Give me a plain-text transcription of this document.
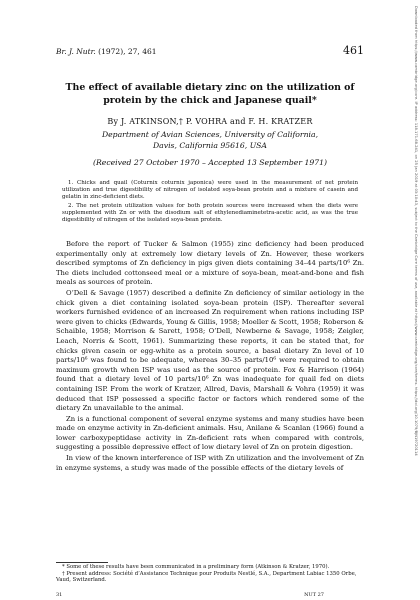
Br. J. Nutr. (1972), 27, 461	461
The effect of available dietary zinc on the utilization of
protein by the chick and Japanese quail*
By J. ATKINSON,† P. VOHRA and F. H. KRATZER
Department of Avian Sciences, University of California,
Davis, California 95616, USA
(Received 27 October 1970 – Accepted 13 September 1971)

1. Chicks and quail (Coturnix coturnix japonica) were used in the measurement of net protein utilization and true digestibility of nitrogen of isolated soya-bean protein and a mixture of casein and gelatin in zinc-deficient diets.

2. The net protein utilization values for both protein sources were increased when the diets were supplemented with Zn or with the disodium salt of ethylenediaminetetra-acetic acid, as was the true digestibility of nitrogen of the isolated soya-bean protein.

Before the report of Tucker & Salmon (1955) zinc deficiency had been produced experimentally only at extremely low dietary levels of Zn. However, these workers described symptoms of Zn deficiency in pigs given diets containing 34–44 parts/10⁶ Zn. The diets included cottonseed meal or a mixture of soya-bean, meat-and-bone and fish meals as sources of protein.

O’Dell & Savage (1957) described a definite Zn deficiency of similar aetiology in the chick given a diet containing isolated soya-bean protein (ISP). Thereafter several workers furnished evidence of an increased Zn requirement when rations including ISP were given to chicks (Edwards, Young & Gillis, 1958; Moeller & Scott, 1958; Roberson & Schaible, 1958; Morrison & Sarett, 1958; O’Dell, Newberne & Savage, 1958; Zeigler, Leach, Norris & Scott, 1961). Summarizing these reports, it can be stated that, for chicks given casein or egg-white as a protein source, a basal dietary Zn level of 10 parts/10⁶ was found to be adequate, whereas 30–35 parts/10⁶ were required to obtain maximum growth when ISP was used as the source of protein. Fox & Harrison (1964) found that a dietary level of 10 parts/10⁶ Zn was inadequate for quail fed on diets containing ISP. From the work of Kratzer, Allred, Davis, Marshall & Vohra (1959) it was deduced that ISP possessed a specific factor or factors which rendered some of the dietary Zn unavailable to the animal.

Zn is a functional component of several enzyme systems and many studies have been made on enzyme activity in Zn-deficient animals. Hsu, Anilane & Scanlan (1966) found a lower carboxypeptidase activity in Zn-deficient rats when compared with controls, suggesting a possible depressive effect of low dietary level of Zn on protein digestion.

In view of the known interference of ISP with Zn utilization and the involvement of Zn in enzyme systems, a study was made of the possible effects of the dietary levels of

* Some of these results have been communicated in a preliminary form (Atkinson & Kratzer, 1970).

† Present address: Société d’Assistance Technique pour Produits Nestlé, S.A., Department Labiac 1350 Orbe, Vaud, Switzerland.

31	NUT 27
Downloaded from https://www.cambridge.org/core. IP address: 118.171.68.241, on 25 Jan 2019 at 03:10:43, subject to the Cambridge Core terms of use, available at https://www.cambridge.org/core/terms. https://doi.org/10.1079/BJN19720114
